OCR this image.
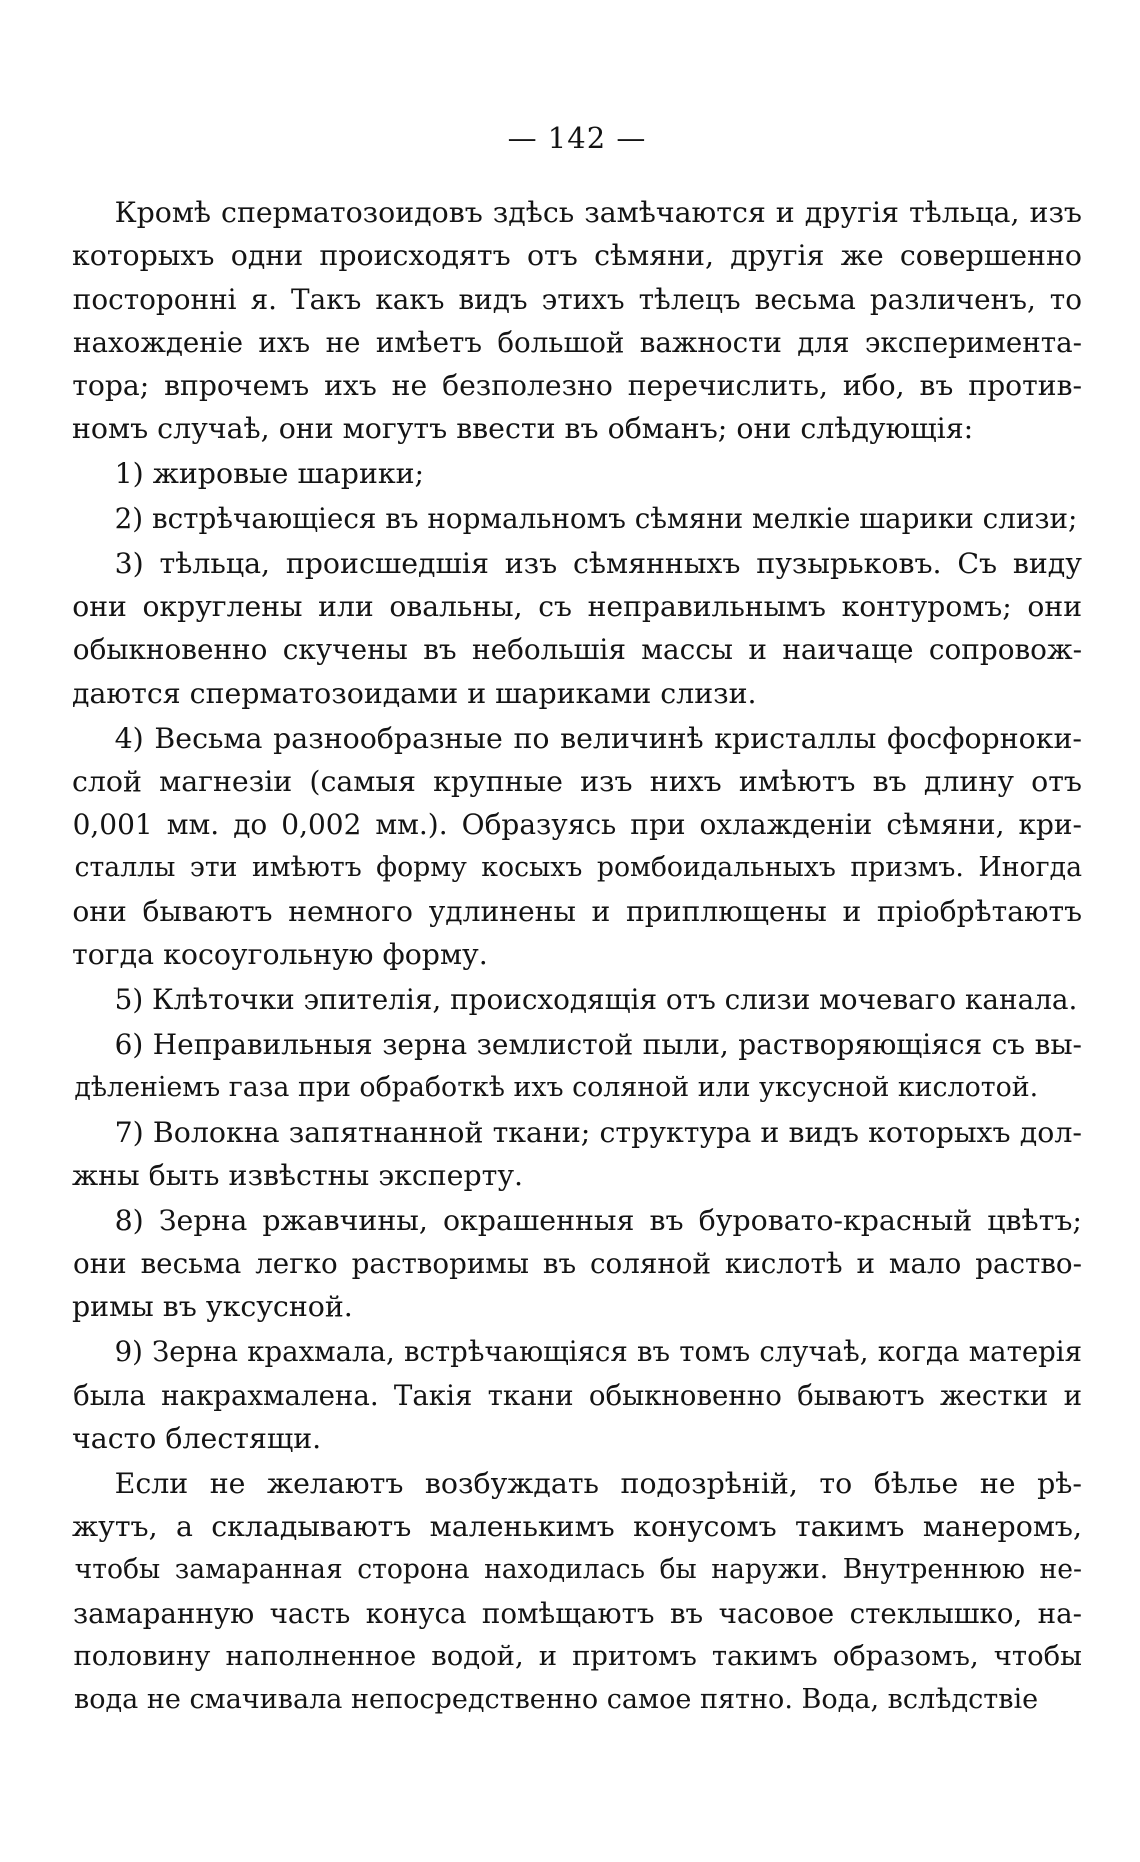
— 142 —
Кромѣ сперматозоидовъ здѣсь замѣчаются и другія тѣльца, изъ
которыхъ одни происходятъ отъ сѣмяни, другія же совершенно
посторонні я. Такъ какъ видъ этихъ тѣлецъ весьма различенъ, то
нахожденіе ихъ не имѣетъ большой важности для эксперимента-
тора; впрочемъ ихъ не безполезно перечислить, ибо, въ против-
номъ случаѣ, они могутъ ввести въ обманъ; они слѣдующія:
1) жировые шарики;
2) встрѣчающіеся въ нормальномъ сѣмяни мелкіе шарики слизи;
3) тѣльца, происшедшія изъ сѣмянныхъ пузырьковъ. Съ виду
они округлены или овальны, съ неправильнымъ контуромъ; они
обыкновенно скучены въ небольшія массы и наичаще сопровож-
даются сперматозоидами и шариками слизи.
4) Весьма разнообразные по величинѣ кристаллы фосфорноки-
слой магнезіи (самыя крупные изъ нихъ имѣютъ въ длину отъ
0,001 мм. до 0,002 мм.). Образуясь при охлажденіи сѣмяни, кри-
сталлы эти имѣютъ форму косыхъ ромбоидальныхъ призмъ. Иногда
они бываютъ немного удлинены и приплющены и пріобрѣтаютъ
тогда косоугольную форму.
5) Клѣточки эпителія, происходящія отъ слизи мочеваго канала.
6) Неправильныя зерна землистой пыли, растворяющіяся съ вы-
дѣленіемъ газа при обработкѣ ихъ соляной или уксусной кислотой.
7) Волокна запятнанной ткани; структура и видъ которыхъ дол-
жны быть извѣстны эксперту.
8) Зерна ржавчины, окрашенныя въ буровато-красный цвѣтъ;
они весьма легко растворимы въ соляной кислотѣ и мало раство-
римы въ уксусной.
9) Зерна крахмала, встрѣчающіяся въ томъ случаѣ, когда матерія
была накрахмалена. Такія ткани обыкновенно бываютъ жестки и
часто блестящи.
Если не желаютъ возбуждать подозрѣній, то бѣлье не рѣ-
жутъ, а складываютъ маленькимъ конусомъ такимъ манеромъ,
чтобы замаранная сторона находилась бы наружи. Внутреннюю не-
замаранную часть конуса помѣщаютъ въ часовое стеклышко, на-
половину наполненное водой, и притомъ такимъ образомъ, чтобы
вода не смачивала непосредственно самое пятно. Вода, вслѣдствіе
